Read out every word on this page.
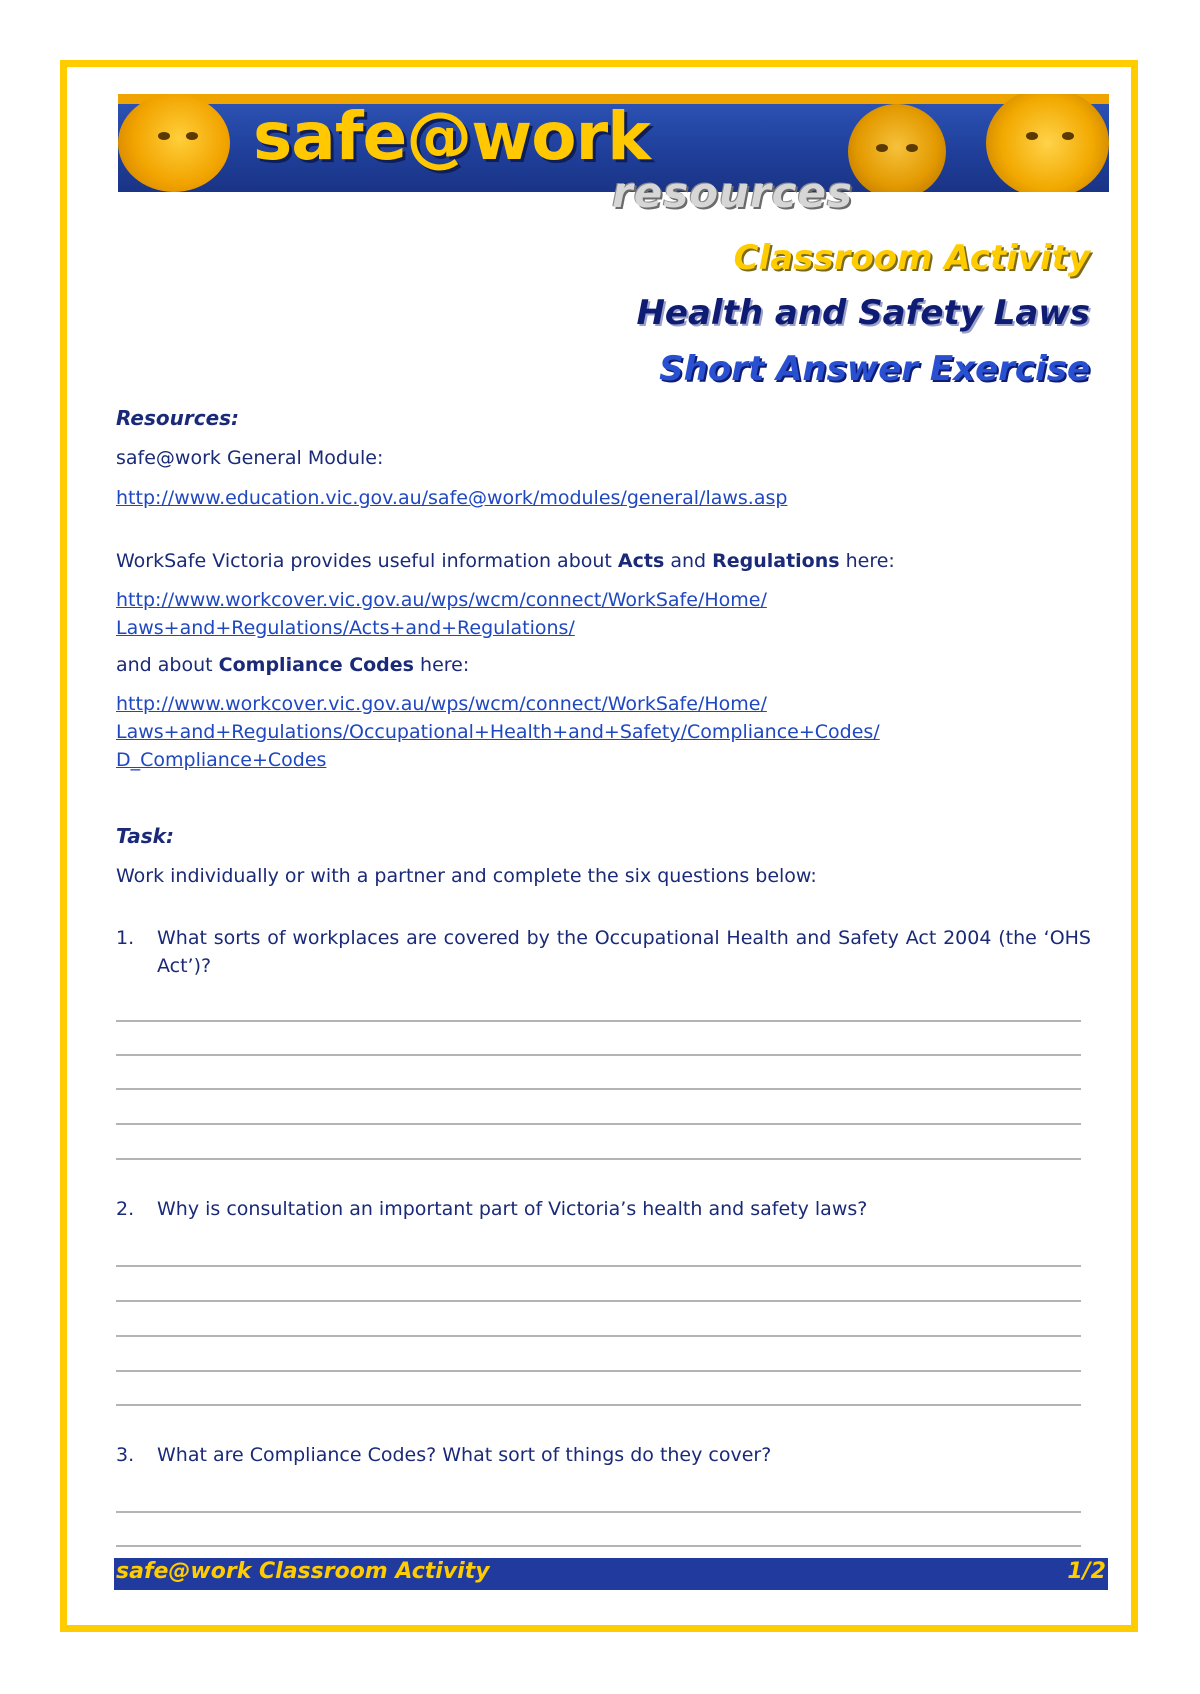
safe@work
resources
Classroom Activity
Health and Safety Laws
Short Answer Exercise
Resources:
safe@work General Module:
http://www.education.vic.gov.au/safe@work/modules/general/laws.asp
WorkSafe Victoria provides useful information about Acts and Regulations here:
http://www.workcover.vic.gov.au/wps/wcm/connect/WorkSafe/Home/
Laws+and+Regulations/Acts+and+Regulations/
and about Compliance Codes here:
http://www.workcover.vic.gov.au/wps/wcm/connect/WorkSafe/Home/
Laws+and+Regulations/Occupational+Health+and+Safety/Compliance+Codes/
D_Compliance+Codes
Task:
Work individually or with a partner and complete the six questions below:
1. What sorts of workplaces are covered by the Occupational Health and Safety Act 2004 (the ‘OHS Act’)?
2. Why is consultation an important part of Victoria’s health and safety laws?
3. What are Compliance Codes? What sort of things do they cover?
safe@work Classroom Activity	1/2
